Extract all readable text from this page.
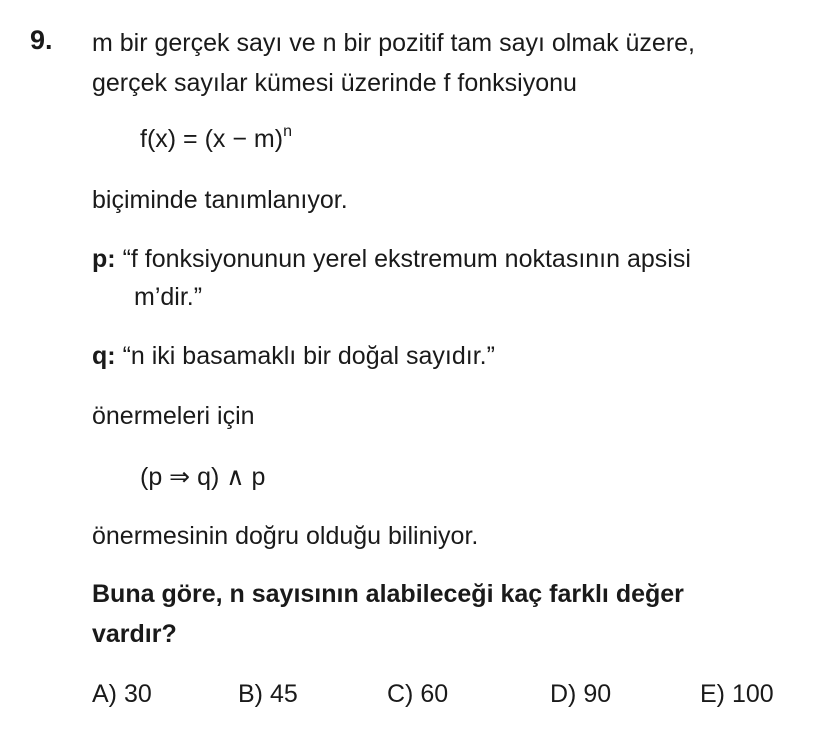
9. m bir gerçek sayı ve n bir pozitif tam sayı olmak üzere,
gerçek sayılar kümesi üzerinde f fonksiyonu
$f(x) = (x - m)^n$
biçiminde tanımlanıyor.
p: “f fonksiyonunun yerel ekstremum noktasının apsisi
m’dir.”
q: “n iki basamaklı bir doğal sayıdır.”
önermeleri için
(p ⇒ q) ∧ p
önermesinin doğru olduğu biliniyor.
Buna göre, n sayısının alabileceği kaç farklı değer
vardır?
A) 30	B) 45	C) 60	D) 90	E) 100
